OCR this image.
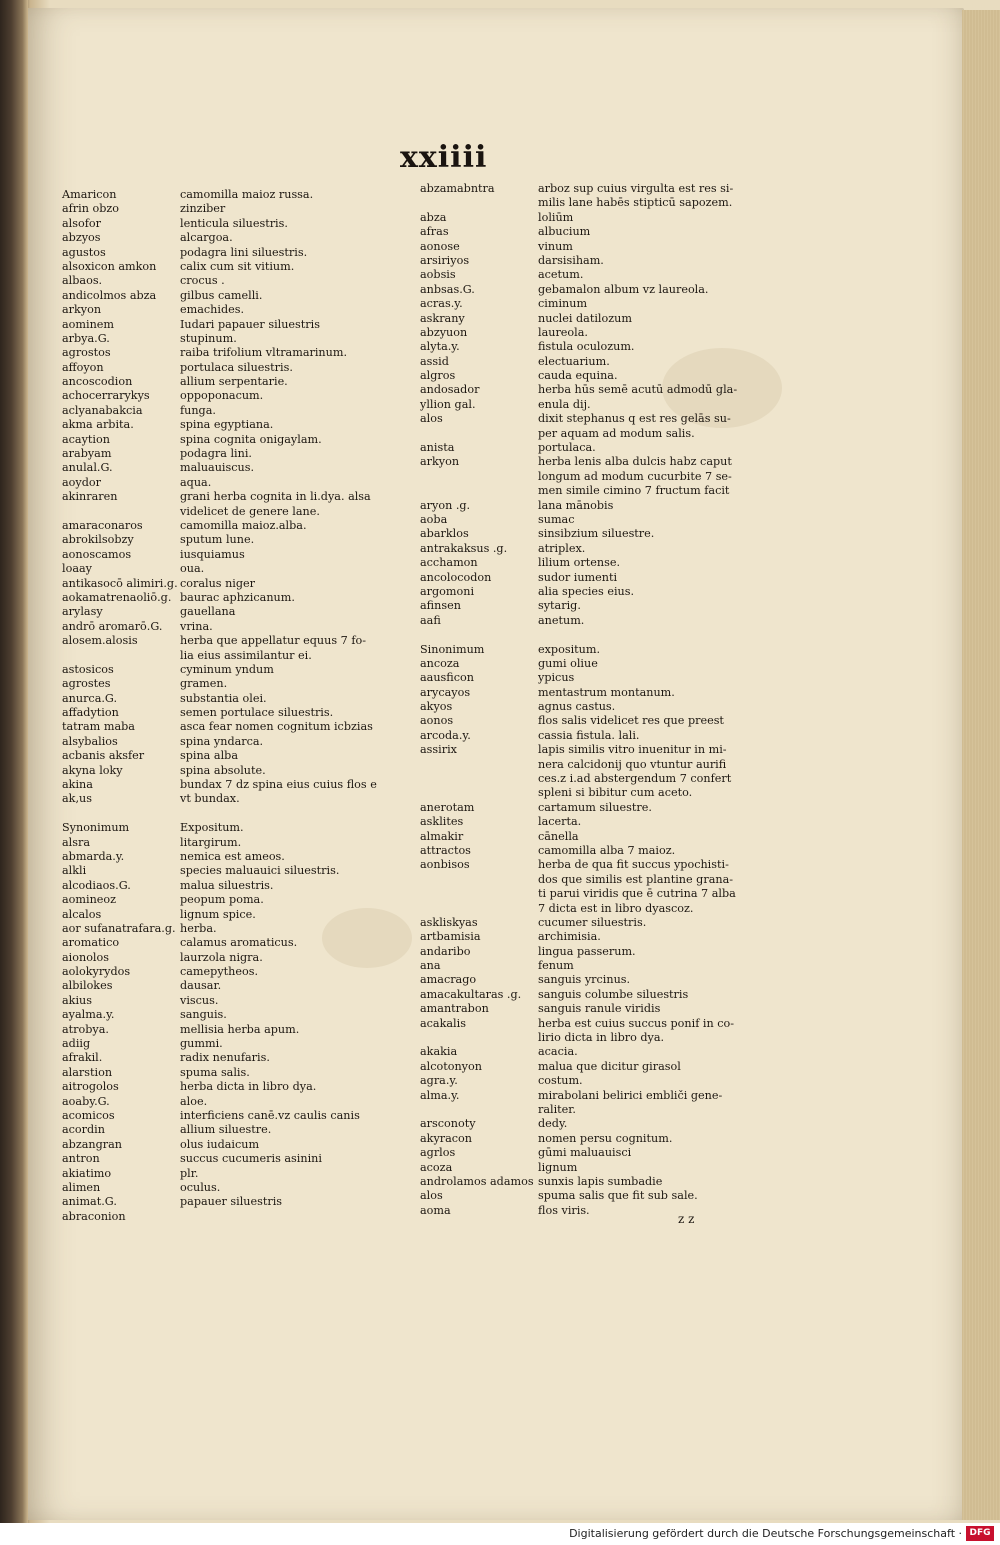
xxiiii
Amaricon
afrin obzo
alsofor
abzyos
agustos
alsoxicon amkon
albaos.
andicolmos abza
arkyon
aominem
arbya.G.
agrostos
affoyon
ancoscodion
achocerrarykys
aclyanabakcia
akma arbita.
acaytion
arabyam
anulal.G.
aoydor
akinraren
amaraconaros
abrokilsobzy
aonoscamos
loaay
antikasocō alimiri.g.
aokamatrenaoliō.g.
arylasy
andrō aromarō.G.
alosem.alosis
astosicos
agrostes
anurca.G.
affadytion
tatram maba
alsybalios
acbanis aksfer
akyna loky
akina
ak,us
Synonimum
alsra
abmarda.y.
alkli
alcodiaos.G.
aomineoz
alcalos
aor sufanatrafara.g.
aromatico
aionolos
aolokyrydos
albilokes
akius
ayalma.y.
atrobya.
adiig
afrakil.
alarstion
aitrogolos
aoaby.G.
acomicos
acordin
abzangran
antron
akiatimo
alimen
animat.G.
abraconion
camomilla maioz russa.
zinziber
lenticula siluestris.
alcargoa.
podagra lini siluestris.
calix cum sit vitium.
crocus .
gilbus camelli.
emachides.
Iudari papauer siluestris
stupinum.
raiba trifolium vltramarinum.
portulaca siluestris.
allium serpentarie.
oppoponacum.
funga.
spina egyptiana.
spina cognita onigaylam.
podagra lini.
maluauiscus.
aqua.
grani herba cognita in li.dya. alsa
videlicet de genere lane.
camomilla maioz.alba.
sputum lune.
iusquiamus
oua.
coralus niger
baurac aphzicanum.
gauellana
vrina.
herba que appellatur equus 7 fo-
lia eius assimilantur ei.
cyminum yndum
gramen.
substantia olei.
semen portulace siluestris.
asca fear nomen cognitum icbzias
spina yndarca.
spina alba
spina absolute.
bundax 7 dz spina eius cuius flos e
vt bundax.
Expositum.
litargirum.
nemica est ameos.
species maluauici siluestris.
malua siluestris.
peopum poma.
lignum spice.
herba.
calamus aromaticus.
laurzola nigra.
camepytheos.
dausar.
viscus.
sanguis.
mellisia herba apum.
gummi.
radix nenufaris.
spuma salis.
herba dicta in libro dya.
aloe.
interficiens canē.vz caulis canis
allium siluestre.
olus iudaicum
succus cucumeris asinini
plr.
oculus.
papauer siluestris
abzamabntra
abza
afras
aonose
arsiriyos
aobsis
anbsas.G.
acras.y.
askrany
abzyuon
alyta.y.
assid
algros
andosador
yllion gal.
alos
anista
arkyon
aryon .g.
aoba
abarklos
antrakaksus .g.
acchamon
ancolocodon
argomoni
afinsen
aafi
Sinonimum
ancoza
aausficon
arycayos
akyos
aonos
arcoda.y.
assirix
anerotam
asklites
almakir
attractos
aonbisos
askliskyas
artbamisia
andaribo
ana
amacrago
amacakultaras .g.
amantrabon
acakalis
akakia
alcotonyon
agra.y.
alma.y.
arsconoty
akyracon
agrlos
acoza
androlamos adamos
alos
aoma
arboz sup cuius virgulta est res si-
milis lane habēs stipticū sapozem.
loliūm
albucium
vinum
darsisiham.
acetum.
gebamalon album vz laureola.
ciminum
nuclei datilozum
laureola.
fistula oculozum.
electuarium.
cauda equina.
herba hūs semē acutū admodū gla-
enula dij.
dixit stephanus q est res gelās su-
per aquam ad modum salis.
portulaca.
herba lenis alba dulcis habz caput
longum ad modum cucurbite 7 se-
men simile cimino 7 fructum facit
lana mānobis
sumac
sinsibzium siluestre.
atriplex.
lilium ortense.
sudor iumenti
alia species eius.
sytarig.
anetum.
expositum.
gumi oliue
ypicus
mentastrum montanum.
agnus castus.
flos salis videlicet res que preest
cassia fistula. lali.
lapis similis vitro inuenitur in mi-
nera calcidonij quo vtuntur aurifi
ces.z i.ad abstergendum 7 confert
spleni si bibitur cum aceto.
cartamum siluestre.
lacerta.
cānella
camomilla alba 7 maioz.
herba de qua fit succus ypochisti-
dos que similis est plantine grana-
ti parui viridis que ē cutrina 7 alba
7 dicta est in libro dyascoz.
cucumer siluestris.
archimisia.
lingua passerum.
fenum
sanguis yrcinus.
sanguis columbe siluestris
sanguis ranule viridis
herba est cuius succus ponif in co-
lirio dicta in libro dya.
acacia.
malua que dicitur girasol
costum.
mirabolani belirici embliči gene-
raliter.
dedy.
nomen persu cognitum.
gūmi maluauisci
lignum
sunxis lapis sumbadie
spuma salis que fit sub sale.
flos viris.
z z
Digitalisierung gefördert durch die Deutsche Forschungsgemeinschaft · DFG
